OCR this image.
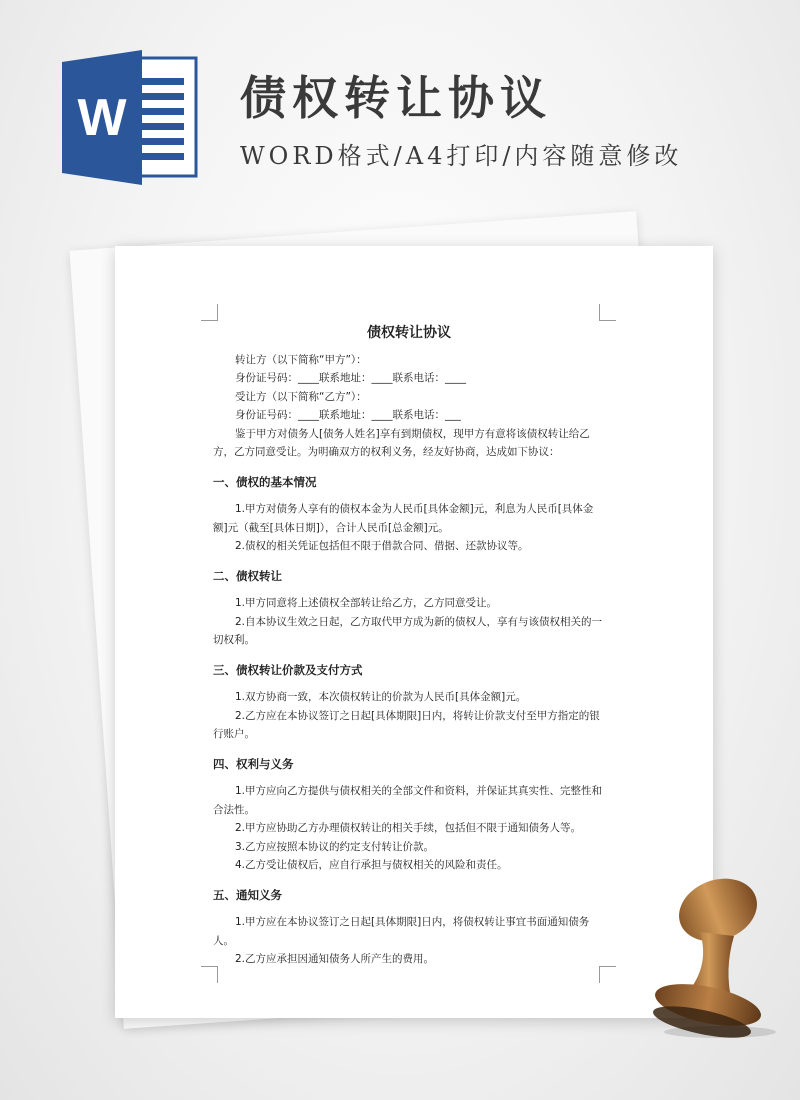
W 债权转让协议
WORD格式/A4打印/内容随意修改

债权转让协议

转让方（以下简称“甲方”）：

身份证号码：____联系地址：____联系电话：____

受让方（以下简称“乙方”）：

身份证号码：____联系地址：____联系电话：___

鉴于甲方对债务人[债务人姓名]享有到期债权，现甲方有意将该债权转让给乙方，乙方同意受让。为明确双方的权利义务，经友好协商，达成如下协议：

一、债权的基本情况

1.甲方对债务人享有的债权本金为人民币[具体金额]元，利息为人民币[具体金额]元（截至[具体日期]），合计人民币[总金额]元。

2.债权的相关凭证包括但不限于借款合同、借据、还款协议等。

二、债权转让

1.甲方同意将上述债权全部转让给乙方，乙方同意受让。

2.自本协议生效之日起，乙方取代甲方成为新的债权人，享有与该债权相关的一切权利。

三、债权转让价款及支付方式

1.双方协商一致，本次债权转让的价款为人民币[具体金额]元。

2.乙方应在本协议签订之日起[具体期限]日内，将转让价款支付至甲方指定的银行账户。

四、权利与义务

1.甲方应向乙方提供与债权相关的全部文件和资料，并保证其真实性、完整性和合法性。

2.甲方应协助乙方办理债权转让的相关手续，包括但不限于通知债务人等。

3.乙方应按照本协议的约定支付转让价款。

4.乙方受让债权后，应自行承担与债权相关的风险和责任。

五、通知义务

1.甲方应在本协议签订之日起[具体期限]日内，将债权转让事宜书面通知债务人。

2.乙方应承担因通知债务人所产生的费用。
